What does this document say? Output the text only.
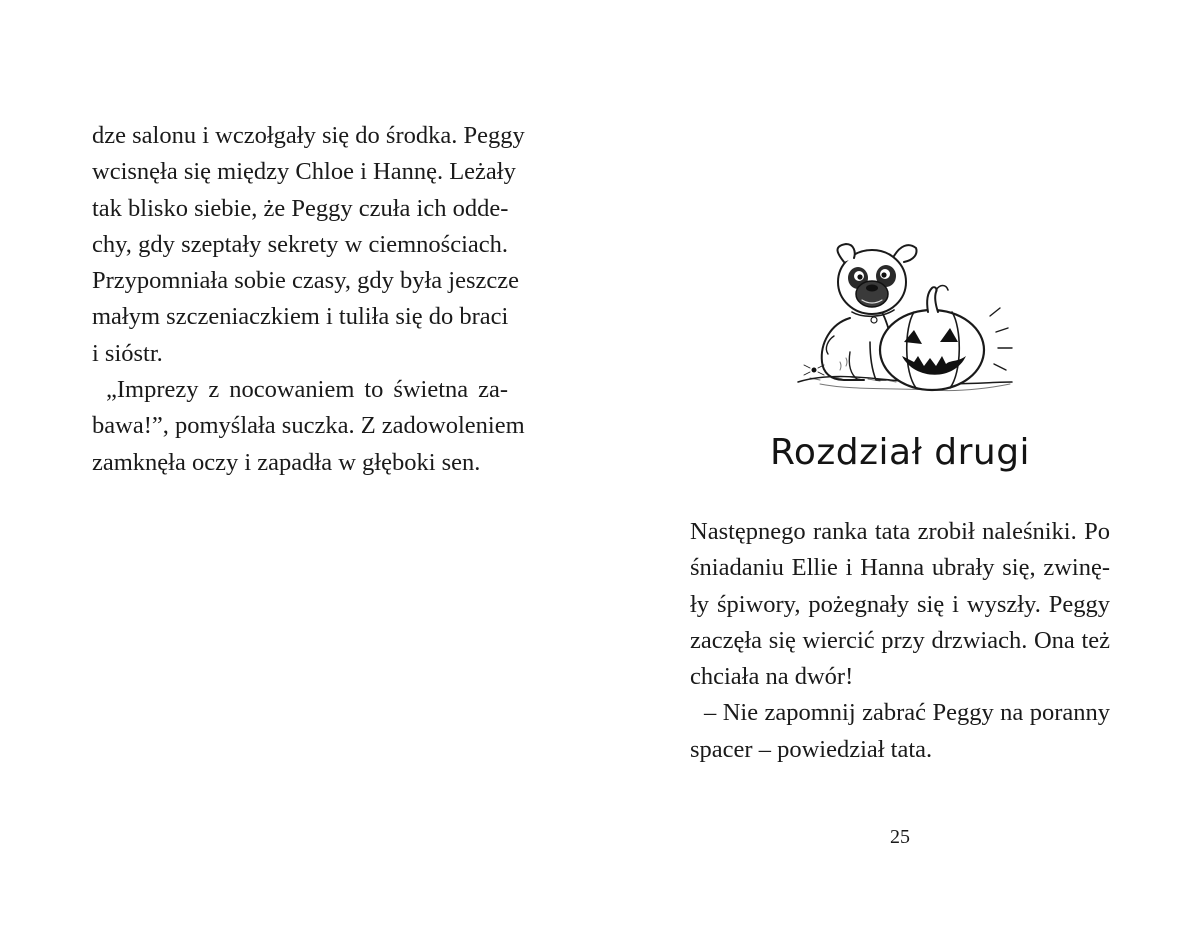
dze salonu i wczołgały się do środka. Peggy
wcisnęła się między Chloe i Hannę. Leżały
tak blisko siebie, że Peggy czuła ich odde-
chy, gdy szeptały sekrety w ciemnościach.
Przypomniała sobie czasy, gdy była jeszcze
małym szczeniaczkiem i tuliła się do braci
i sióstr.

„Imprezy z nocowaniem to świetna za-
bawa!”, pomyślała suczka. Z zadowoleniem
zamknęła oczy i zapadła w głęboki sen.	Rozdział drugi

Następnego ranka tata zrobił naleśniki. Po
śniadaniu Ellie i Hanna ubrały się, zwinę-
ły śpiwory, pożegnały się i wyszły. Peggy
zaczęła się wiercić przy drzwiach. Ona też
chciała na dwór!

– Nie zapomnij zabrać Peggy na poranny
spacer – powiedział tata.

25
